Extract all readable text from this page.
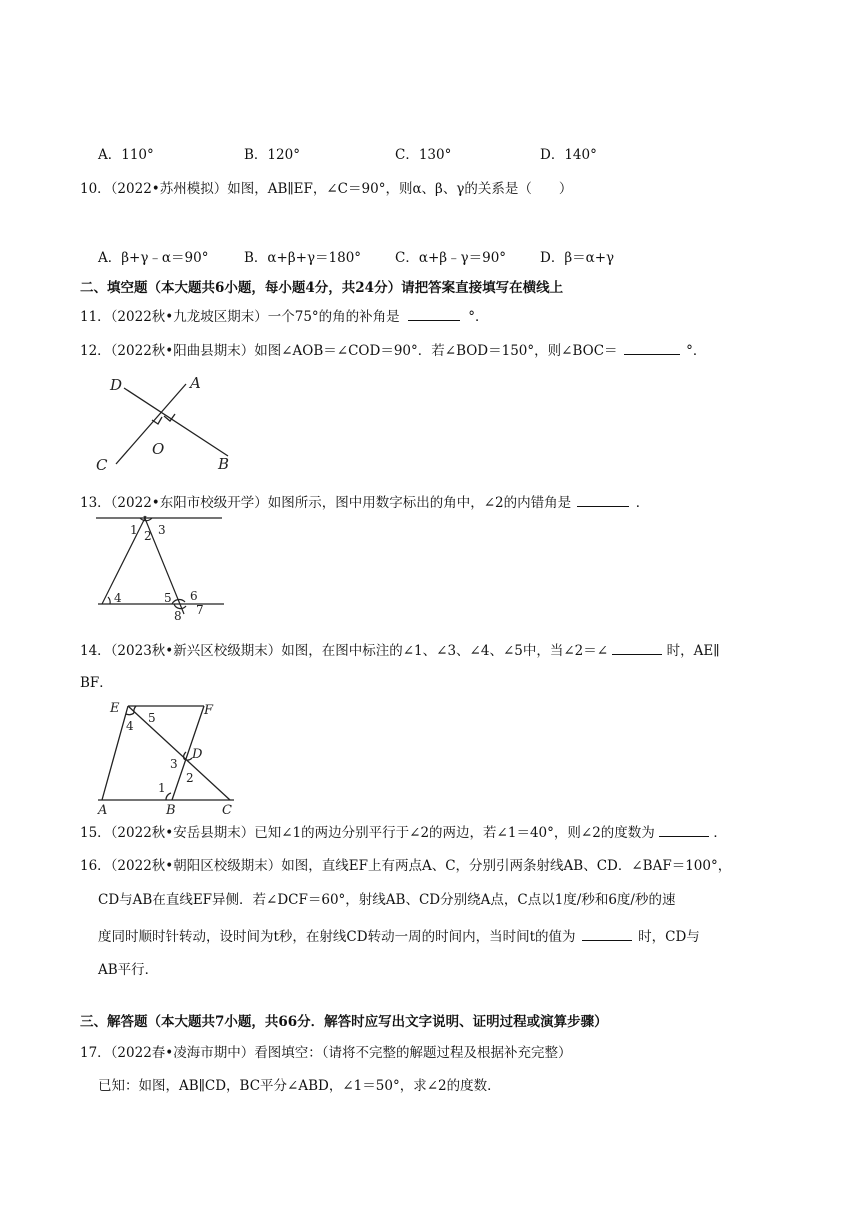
A．110°	B．120°	C．130°	D．140°
10．（2022•苏州模拟）如图，AB∥EF，∠C＝90°，则α、β、γ的关系是（　　）
A．β+γ﹣α＝90°	B．α+β+γ＝180°	C．α+β﹣γ＝90°	D．β＝α+γ
二、填空题（本大题共6小题，每小题4分，共24分）请把答案直接填写在横线上
11．（2022秋•九龙坡区期末）一个75°的角的补角是	°．
12．（2022秋•阳曲县期末）如图∠AOB＝∠COD＝90°．若∠BOD＝150°，则∠BOC＝	°．
D	A
O
C	B
13．（2022•东阳市校级开学）如图所示，图中用数字标出的角中，∠2的内错角是	．
1 2 3
4	5 6
7
8
14．（2023秋•新兴区校级期末）如图，在图中标注的∠1、∠3、∠4、∠5中，当∠2＝∠	时，AE∥
BF．
E	F
5
4
D
3
2
1
A	B	C
15．（2022秋•安岳县期末）已知∠1的两边分别平行于∠2的两边，若∠1＝40°，则∠2的度数为	．
16．（2022秋•朝阳区校级期末）如图，直线EF上有两点A、C，分别引两条射线AB、CD．∠BAF＝100°，
CD与AB在直线EF异侧．若∠DCF＝60°，射线AB、CD分别绕A点，C点以1度/秒和6度/秒的速
度同时顺时针转动，设时间为t秒，在射线CD转动一周的时间内，当时间t的值为	时，CD与
AB平行．
三、解答题（本大题共7小题，共66分．解答时应写出文字说明、证明过程或演算步骤）
17．（2022春•凌海市期中）看图填空：（请将不完整的解题过程及根据补充完整）
已知：如图，AB∥CD，BC平分∠ABD，∠1＝50°，求∠2的度数．
